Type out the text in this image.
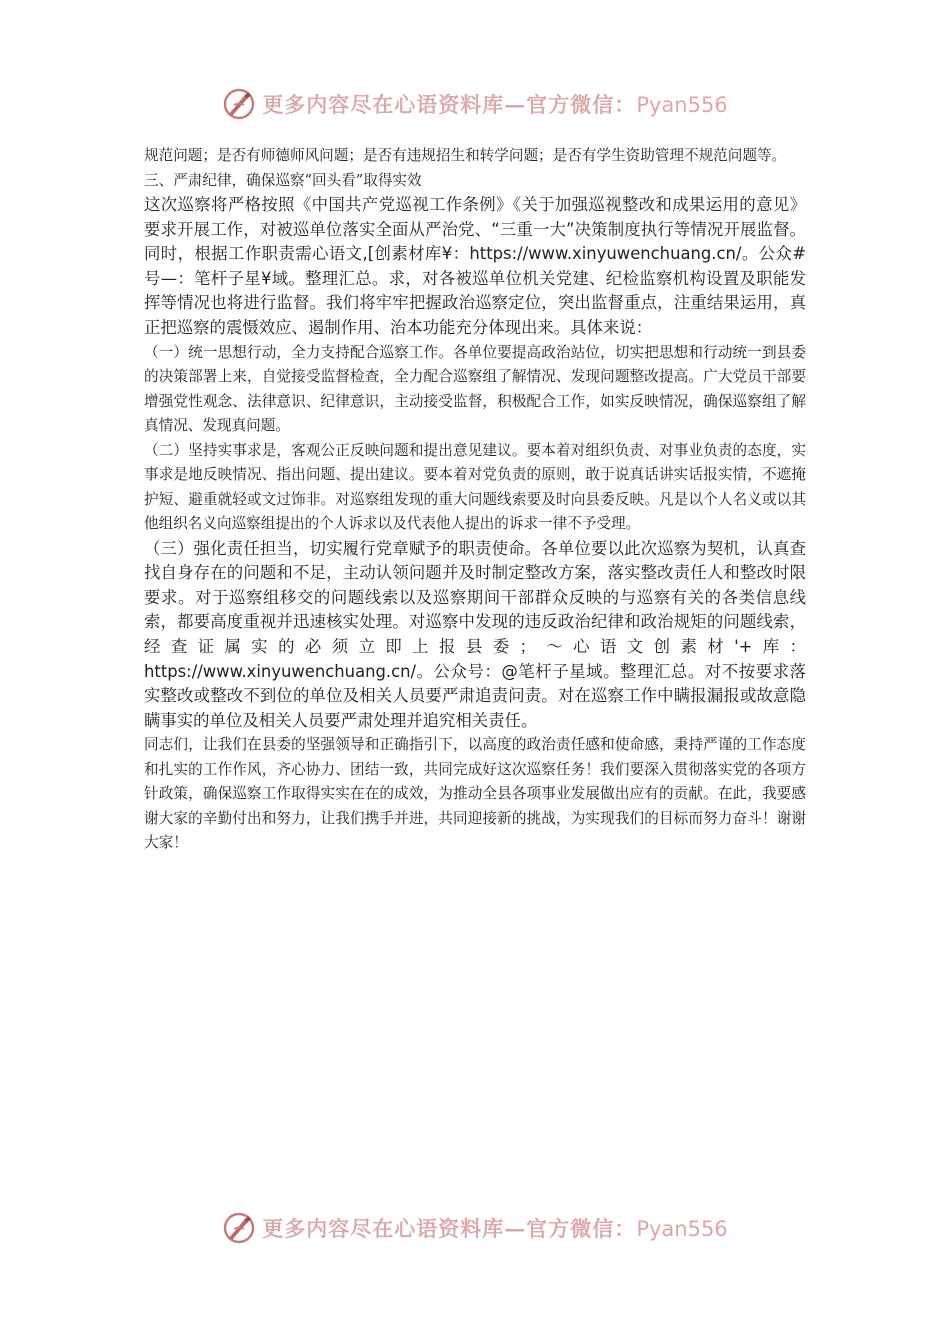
更多内容尽在心语资料库—官方微信：Pyan556

规范问题；是否有师德师风问题；是否有违规招生和转学问题；是否有学生资助管理不规范问题等。

三、严肃纪律，确保巡察“回头看”取得实效

这次巡察将严格按照《中国共产党巡视工作条例》《关于加强巡视整改和成果运用的意见》要求开展工作，对被巡单位落实全面从严治党、“三重一大”决策制度执行等情况开展监督。同时，根据工作职责需心语文,[创素材库¥：https://www.xinyuwenchuang.cn/。公众#号—：笔杆子星¥域。整理汇总。求，对各被巡单位机关党建、纪检监察机构设置及职能发挥等情况也将进行监督。我们将牢牢把握政治巡察定位，突出监督重点，注重结果运用，真正把巡察的震慑效应、遏制作用、治本功能充分体现出来。具体来说：

（一）统一思想行动，全力支持配合巡察工作。各单位要提高政治站位，切实把思想和行动统一到县委的决策部署上来，自觉接受监督检查，全力配合巡察组了解情况、发现问题整改提高。广大党员干部要增强党性观念、法律意识、纪律意识，主动接受监督，积极配合工作，如实反映情况，确保巡察组了解真情况、发现真问题。

（二）坚持实事求是，客观公正反映问题和提出意见建议。要本着对组织负责、对事业负责的态度，实事求是地反映情况、指出问题、提出建议。要本着对党负责的原则，敢于说真话讲实话报实情，不遮掩护短、避重就轻或文过饰非。对巡察组发现的重大问题线索要及时向县委反映。凡是以个人名义或以其他组织名义向巡察组提出的个人诉求以及代表他人提出的诉求一律不予受理。

（三）强化责任担当，切实履行党章赋予的职责使命。各单位要以此次巡察为契机，认真查找自身存在的问题和不足，主动认领问题并及时制定整改方案，落实整改责任人和整改时限要求。对于巡察组移交的问题线索以及巡察期间干部群众反映的与巡察有关的各类信息线索，都要高度重视并迅速核实处理。对巡察中发现的违反政治纪律和政治规矩的问题线索，经查证属实的必须立即上报县委；～心语文创素材'+库：https://www.xinyuwenchuang.cn/。公众号：@笔杆子星域。整理汇总。对不按要求落实整改或整改不到位的单位及相关人员要严肃追责问责。对在巡察工作中瞒报漏报或故意隐瞒事实的单位及相关人员要严肃处理并追究相关责任。

同志们，让我们在县委的坚强领导和正确指引下，以高度的政治责任感和使命感，秉持严谨的工作态度和扎实的工作作风，齐心协力、团结一致，共同完成好这次巡察任务！我们要深入贯彻落实党的各项方针政策，确保巡察工作取得实实在在的成效，为推动全县各项事业发展做出应有的贡献。在此，我要感谢大家的辛勤付出和努力，让我们携手并进，共同迎接新的挑战，为实现我们的目标而努力奋斗！谢谢大家！

更多内容尽在心语资料库—官方微信：Pyan556
